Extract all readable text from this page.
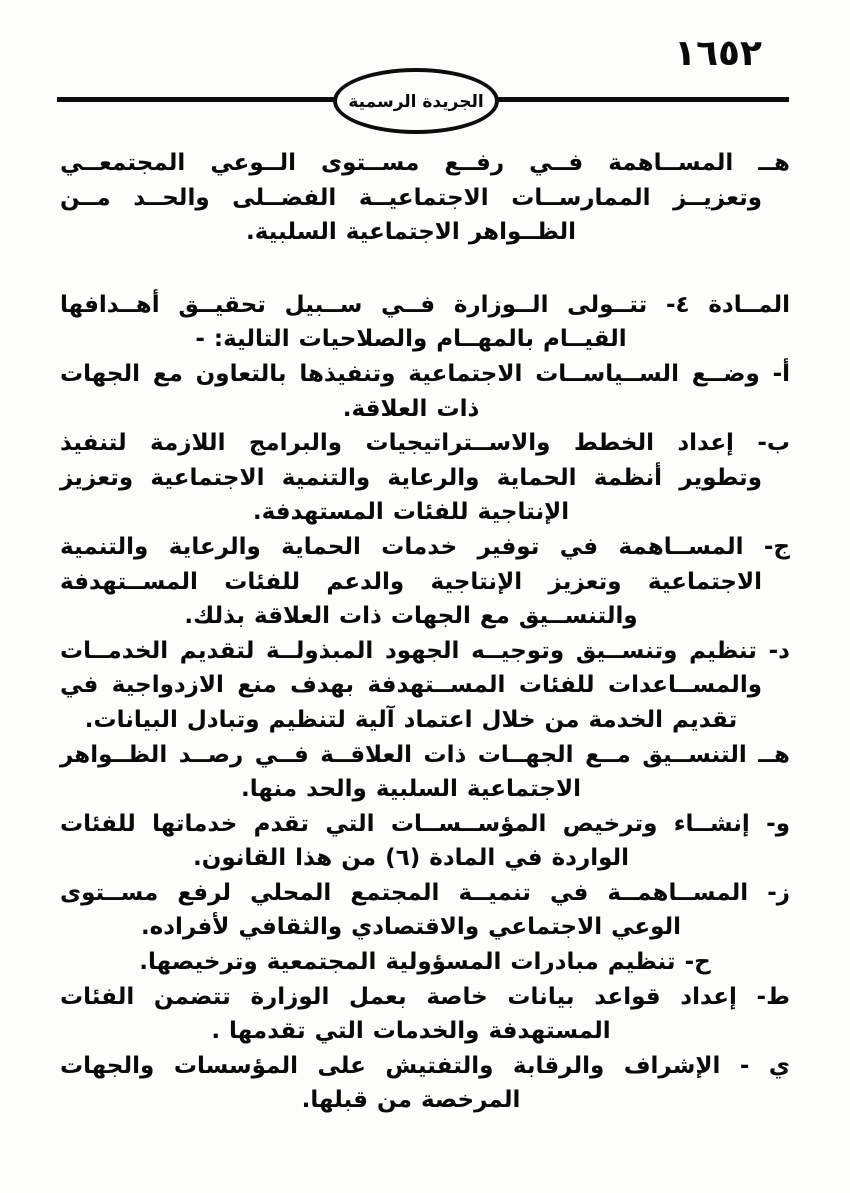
١٦٥٢
الجريدة الرسمية

هــ المســاهمة فــي رفــع مســتوى الــوعي المجتمعــي وتعزيــز الممارســات الاجتماعيــة الفضــلى والحــد مــن الظــواهر الاجتماعية السلبية.

المــادة ٤- تتــولى الــوزارة فــي ســبيل تحقيــق أهــدافها القيــام بالمهــام والصلاحيات التالية: -

أ- وضــع الســياســات الاجتماعية وتنفيذها بالتعاون مع الجهات ذات العلاقة.

ب- إعداد الخطط والاســتراتيجيات والبرامج اللازمة لتنفيذ وتطوير أنظمة الحماية والرعاية والتنمية الاجتماعية وتعزيز الإنتاجية للفئات المستهدفة.

ج- المســاهمة في توفير خدمات الحماية والرعاية والتنمية الاجتماعية وتعزيز الإنتاجية والدعم للفئات المســتهدفة والتنســيق مع الجهات ذات العلاقة بذلك.

د- تنظيم وتنســيق وتوجيــه الجهود المبذولــة لتقديم الخدمــات والمســاعدات للفئات المســتهدفة بهدف منع الازدواجية في تقديم الخدمة من خلال اعتماد آلية لتنظيم وتبادل البيانات.

هــ التنســيق مــع الجهــات ذات العلاقــة فــي رصــد الظــواهر الاجتماعية السلبية والحد منها.

و- إنشــاء وترخيص المؤســســات التي تقدم خدماتها للفئات الواردة في المادة (٦) من هذا القانون.

ز- المســاهمــة في تنميــة المجتمع المحلي لرفع مســتوى الوعي الاجتماعي والاقتصادي والثقافي لأفراده.

ح- تنظيم مبادرات المسؤولية المجتمعية وترخيصها.

ط- إعداد قواعد بيانات خاصة بعمل الوزارة تتضمن الفئات المستهدفة والخدمات التي تقدمها .

ي - الإشراف والرقابة والتفتيش على المؤسسات والجهات المرخصة من قبلها.
